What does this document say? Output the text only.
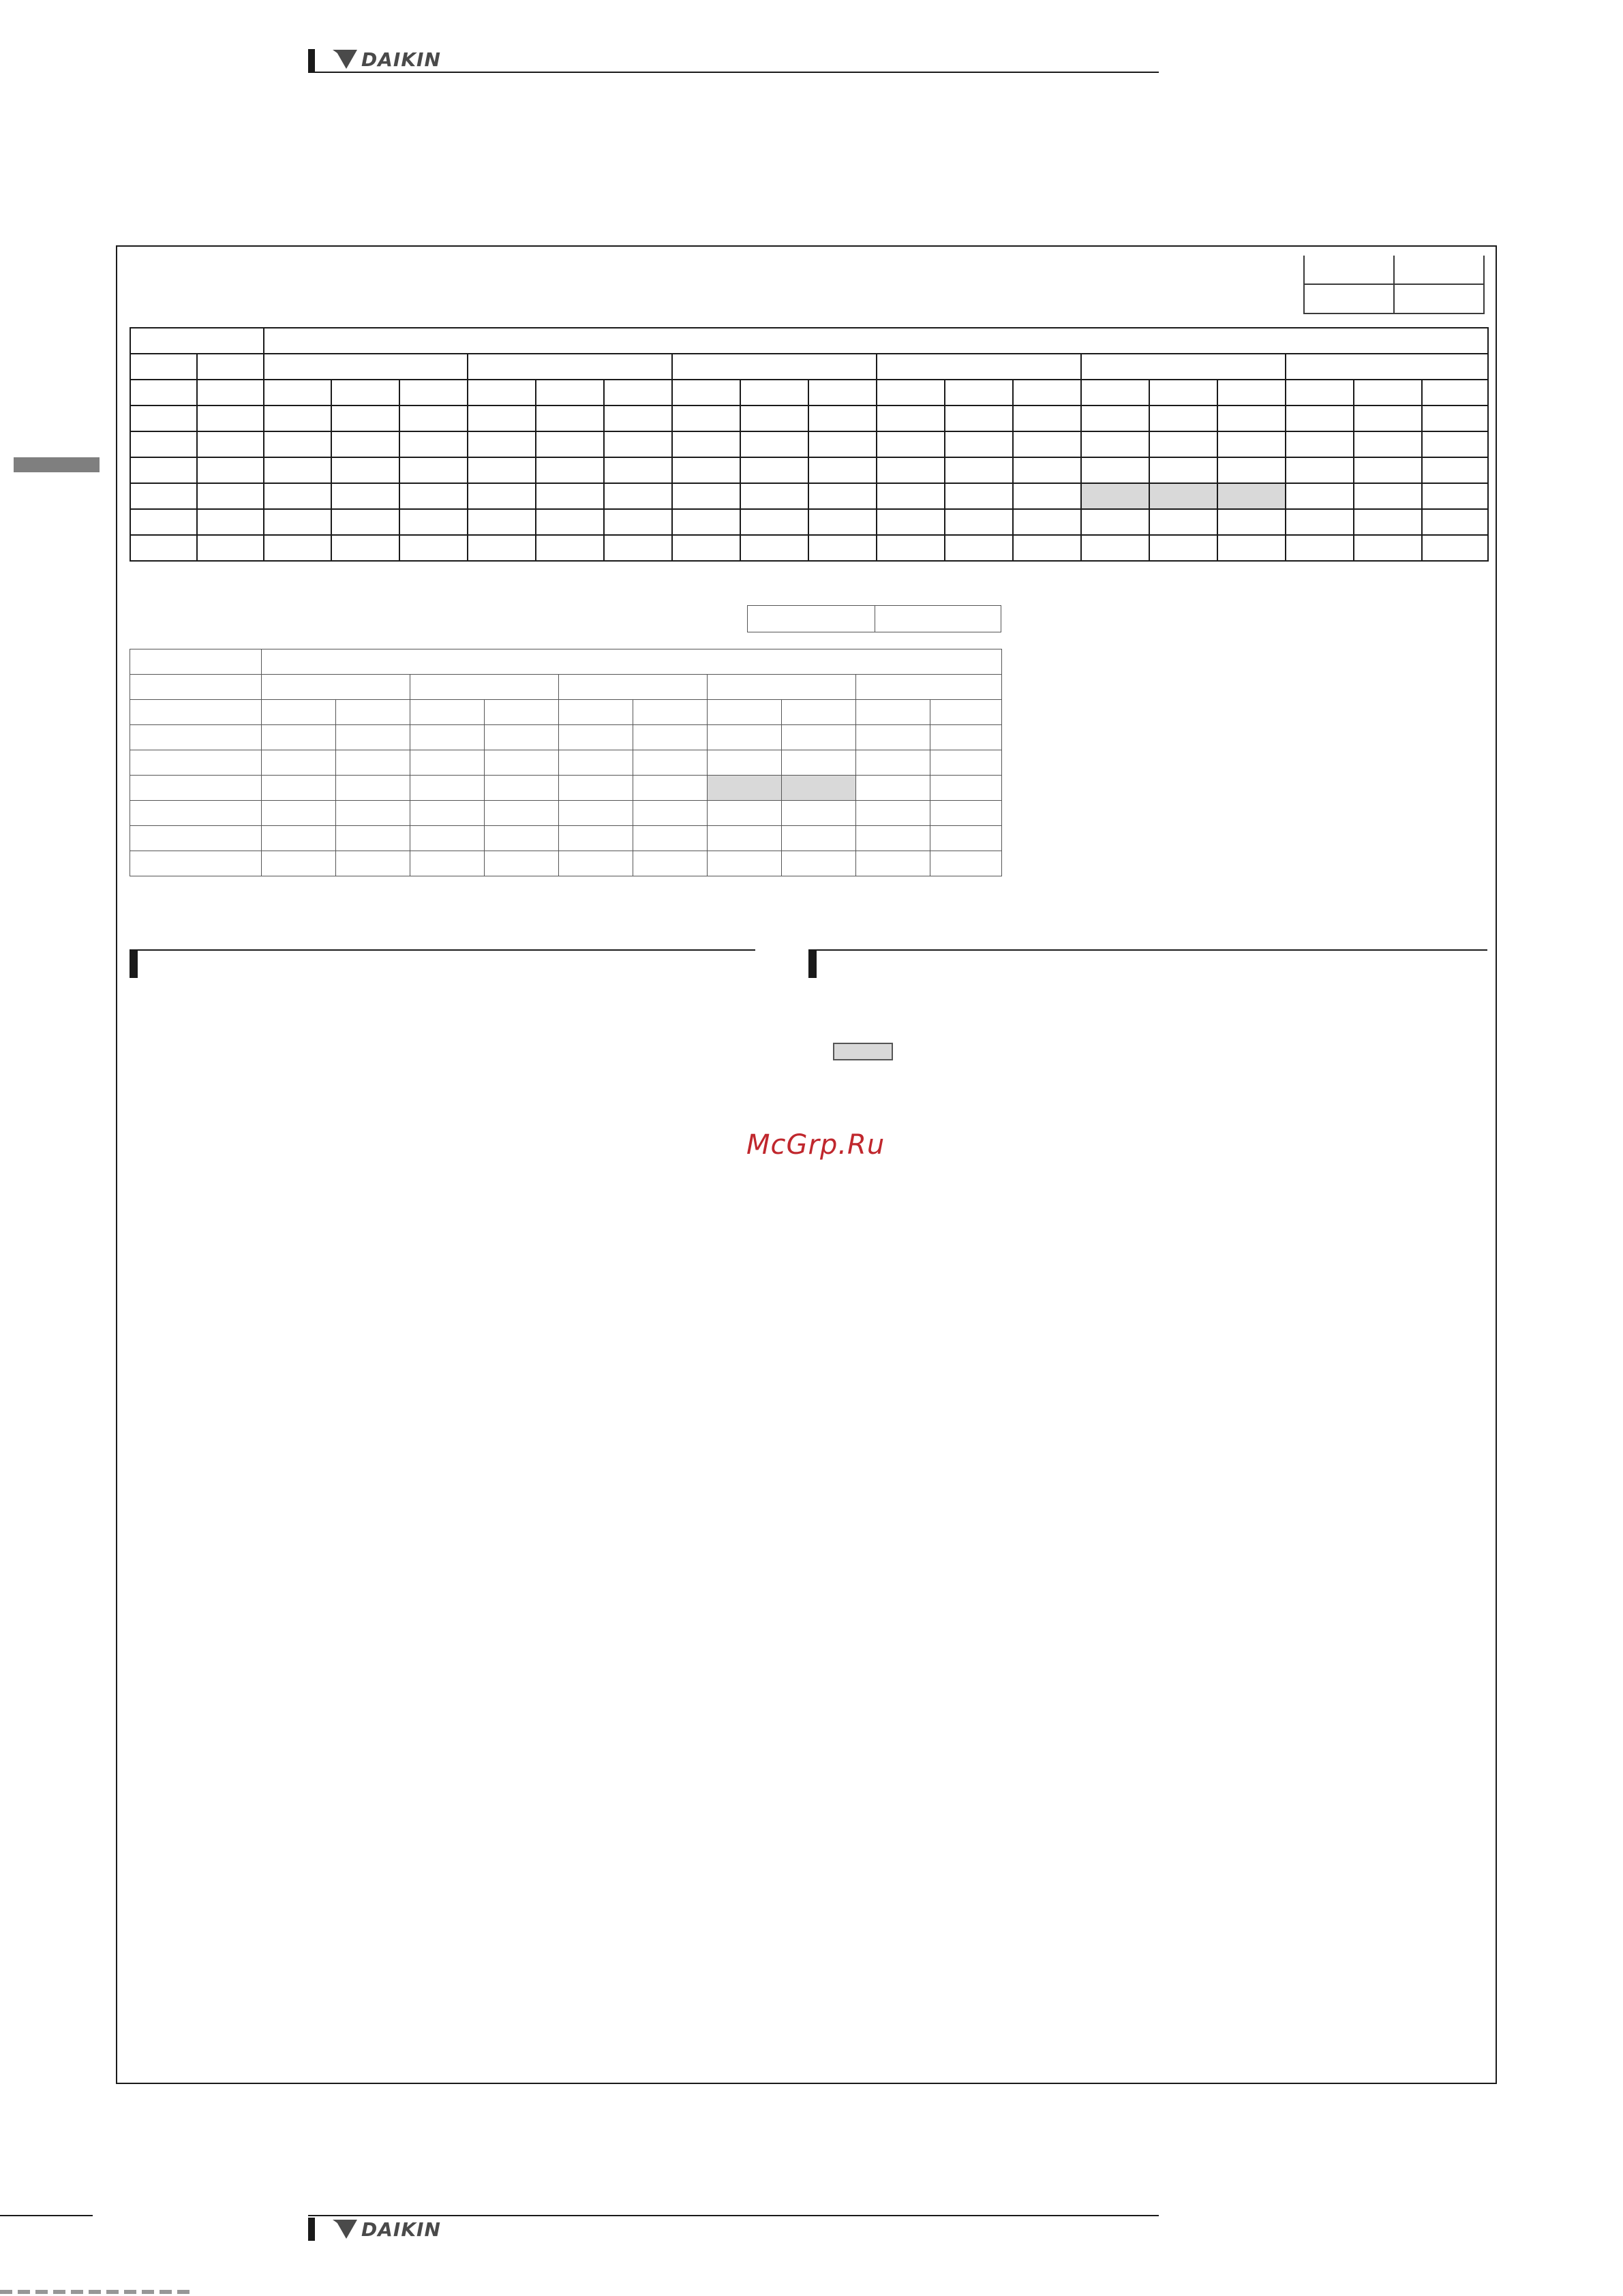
DAIKIN

McGrp.Ru
DAIKIN
